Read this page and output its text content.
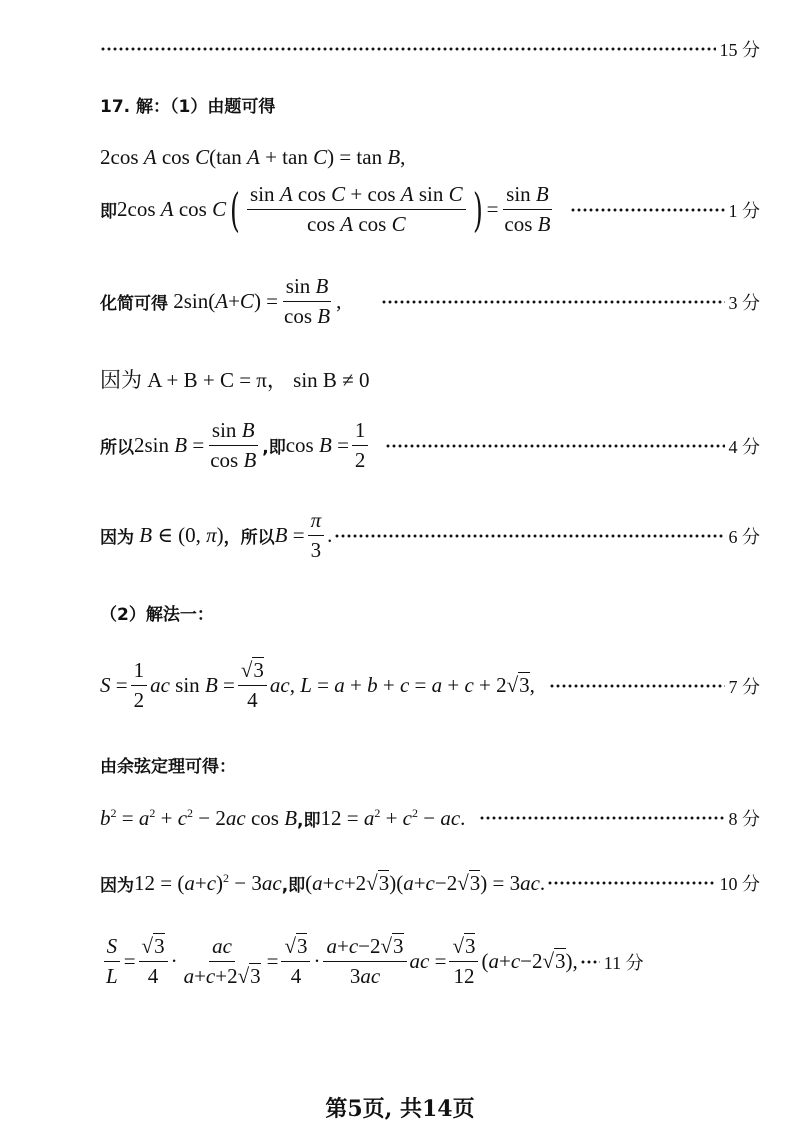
15 分
17. 解：（1）由题可得
2cos A cos C (tan A + tan C ) = tan B ,
即 2cos A cos C ( $\frac{\text{sin A cos C + cos A sin C}}{\text{cos A cos C}}$ ) = $\frac{\text{sin B}}{\text{cos B}}$	1 分
化简可得 2sin( A + C ) = $\frac{\text{sin B}}{\text{cos B}}$ ,	3 分
因为 A + B + C = π， sin B ≠ 0
所以 2sin $B = \frac{\text{sin B}}{\text{cos B}}$ ,即 $\cos B = \frac{1}{2}$	4 分
因为 B ∈ (0, π ) ，所以 $B = \frac{\pi}{3}$ .	6 分
（2）解法一：
$S = \frac{1}{2}$ ac $\sin B = \frac{√3}{4}$ ac , L = a + b + c = a + c + 2√3,	7 分
由余弦定理可得：
b $^2$ = a $^2$ + c $^2$ − 2 ac cos B ,即 12 = a $^2$ + c $^2$ − ac .	8 分
因为 12 = ( a + c )$^2$ − 3 ac ,即 ( a + c +2√3)( a + c −2√3) = 3 ac .	10 分
$\frac{S}{L} = \frac{√3}{4} \cdot \frac{ac}{a+c+2√3} = \frac{√3}{4} \cdot \frac{a+c-2√3}{3ac}$ ac = $\frac{√3}{12}$ ( a + c −2√3), 11 分
第5页, 共14页
